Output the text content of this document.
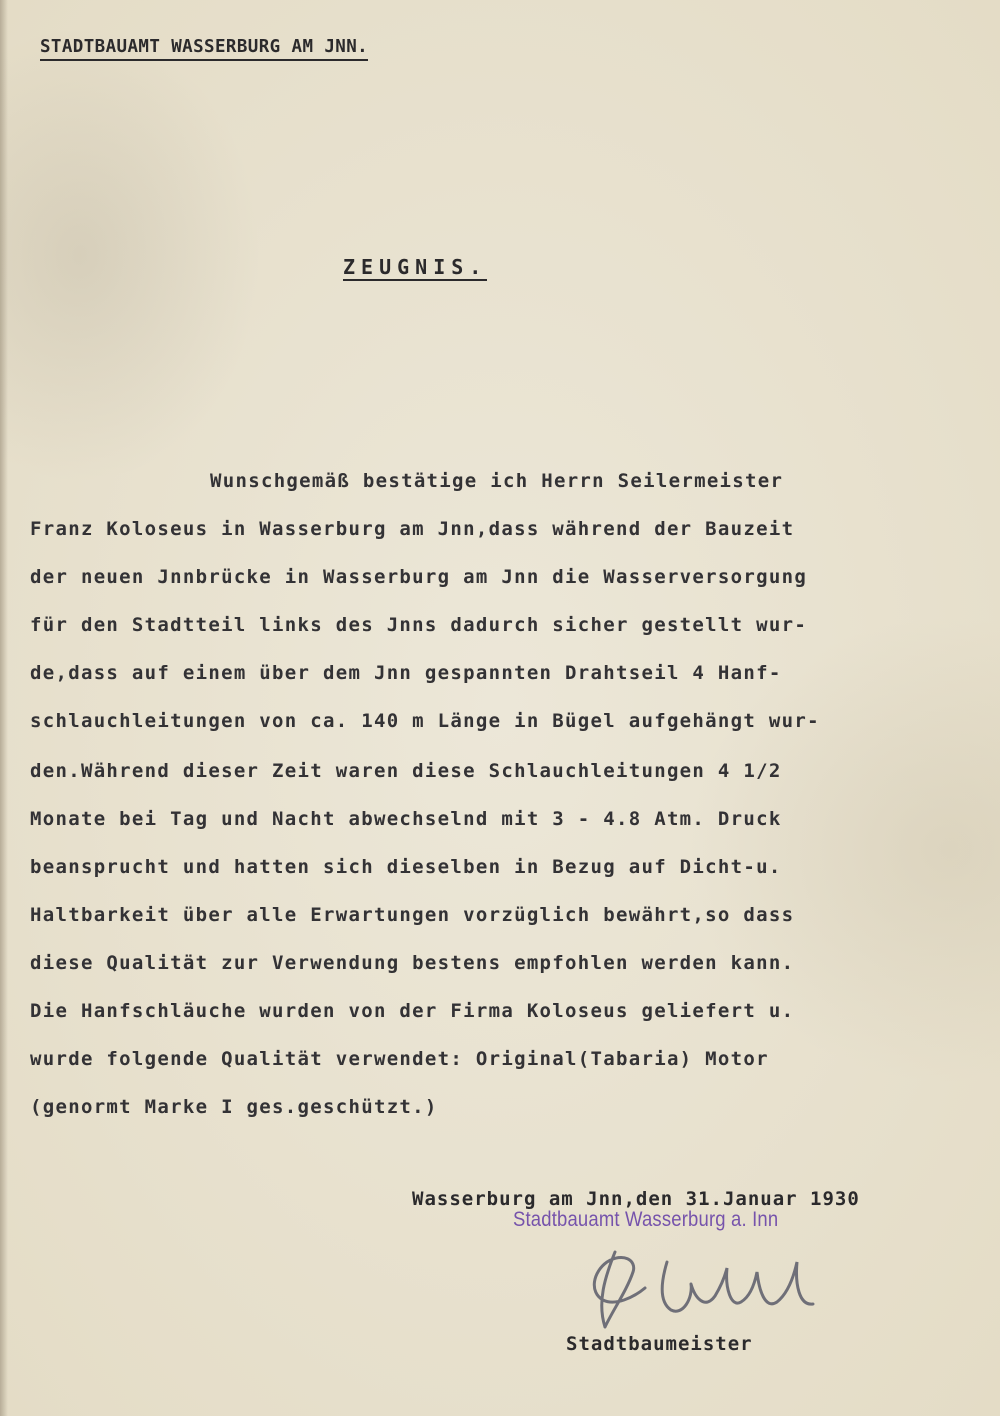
STADTBAUAMT WASSERBURG AM JNN.
ZEUGNIS.
Wunschgemäß bestätige ich Herrn Seilermeister
Franz Koloseus in Wasserburg am Jnn,dass während der Bauzeit
der neuen Jnnbrücke in Wasserburg am Jnn die Wasserversorgung
für den Stadtteil links des Jnns dadurch sicher gestellt wur-
de,dass auf einem über dem Jnn gespannten Drahtseil 4 Hanf-
schlauchleitungen von ca. 140 m Länge in Bügel aufgehängt wur-
den.Während dieser Zeit waren diese Schlauchleitungen 4 1/2
Monate bei Tag und Nacht abwechselnd mit 3 - 4.8 Atm. Druck
beansprucht und hatten sich dieselben in Bezug auf Dicht-u.
Haltbarkeit über alle Erwartungen vorzüglich bewährt,so dass
diese Qualität zur Verwendung bestens empfohlen werden kann.
Die Hanfschläuche wurden von der Firma Koloseus geliefert u.
wurde folgende Qualität verwendet: Original(Tabaria) Motor
(genormt Marke I ges.geschützt.)
Wasserburg am Jnn,den 31.Januar 1930
Stadtbauamt Wasserburg a. Inn
Stadtbaumeister
